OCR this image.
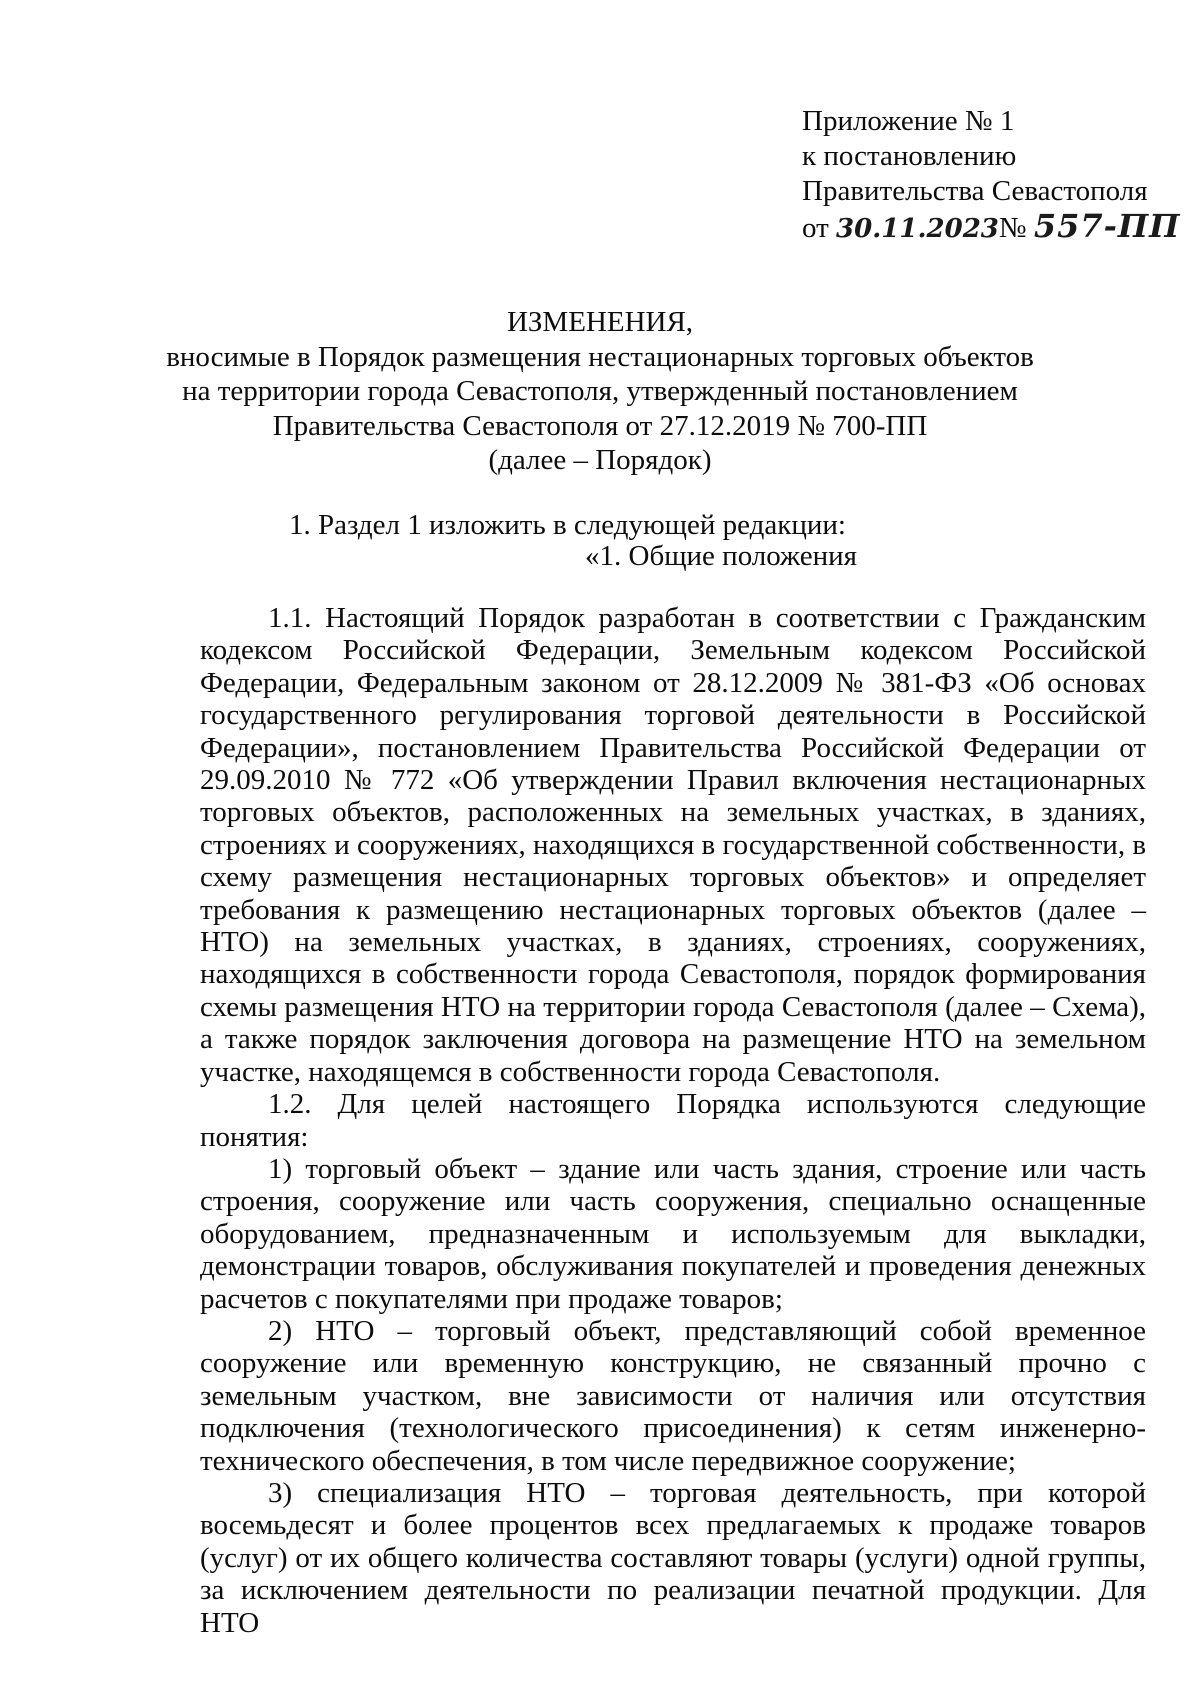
Приложение № 1
к постановлению
Правительства Севастополя
от 30.11.2023№ 557-ПП
ИЗМЕНЕНИЯ,
вносимые в Порядок размещения нестационарных торговых объектов
на территории города Севастополя, утвержденный постановлением
Правительства Севастополя от 27.12.2019 № 700-ПП
(далее – Порядок)
1. Раздел 1 изложить в следующей редакции:
«1. Общие положения

1.1. Настоящий Порядок разработан в соответствии с Гражданским кодексом Российской Федерации, Земельным кодексом Российской Федерации, Федеральным законом от 28.12.2009 № 381-ФЗ «Об основах государственного регулирования торговой деятельности в Российской Федерации», постановлением Правительства Российской Федерации от 29.09.2010 № 772 «Об утверждении Правил включения нестационарных торговых объектов, расположенных на земельных участках, в зданиях, строениях и сооружениях, находящихся в государственной собственности, в схему размещения нестационарных торговых объектов» и определяет требования к размещению нестационарных торговых объектов (далее – НТО) на земельных участках, в зданиях, строениях, сооружениях, находящихся в собственности города Севастополя, порядок формирования схемы размещения НТО на территории города Севастополя (далее – Схема), а также порядок заключения договора на размещение НТО на земельном участке, находящемся в собственности города Севастополя.

1.2. Для целей настоящего Порядка используются следующие понятия:

1) торговый объект – здание или часть здания, строение или часть строения, сооружение или часть сооружения, специально оснащенные оборудованием, предназначенным и используемым для выкладки, демонстрации товаров, обслуживания покупателей и проведения денежных расчетов с покупателями при продаже товаров;

2) НТО – торговый объект, представляющий собой временное сооружение или временную конструкцию, не связанный прочно с земельным участком, вне зависимости от наличия или отсутствия подключения (технологического присоединения) к сетям инженерно-технического обеспечения, в том числе передвижное сооружение;

3) специализация НТО – торговая деятельность, при которой восемьдесят и более процентов всех предлагаемых к продаже товаров (услуг) от их общего количества составляют товары (услуги) одной группы, за исключением деятельности по реализации печатной продукции. Для НТО
